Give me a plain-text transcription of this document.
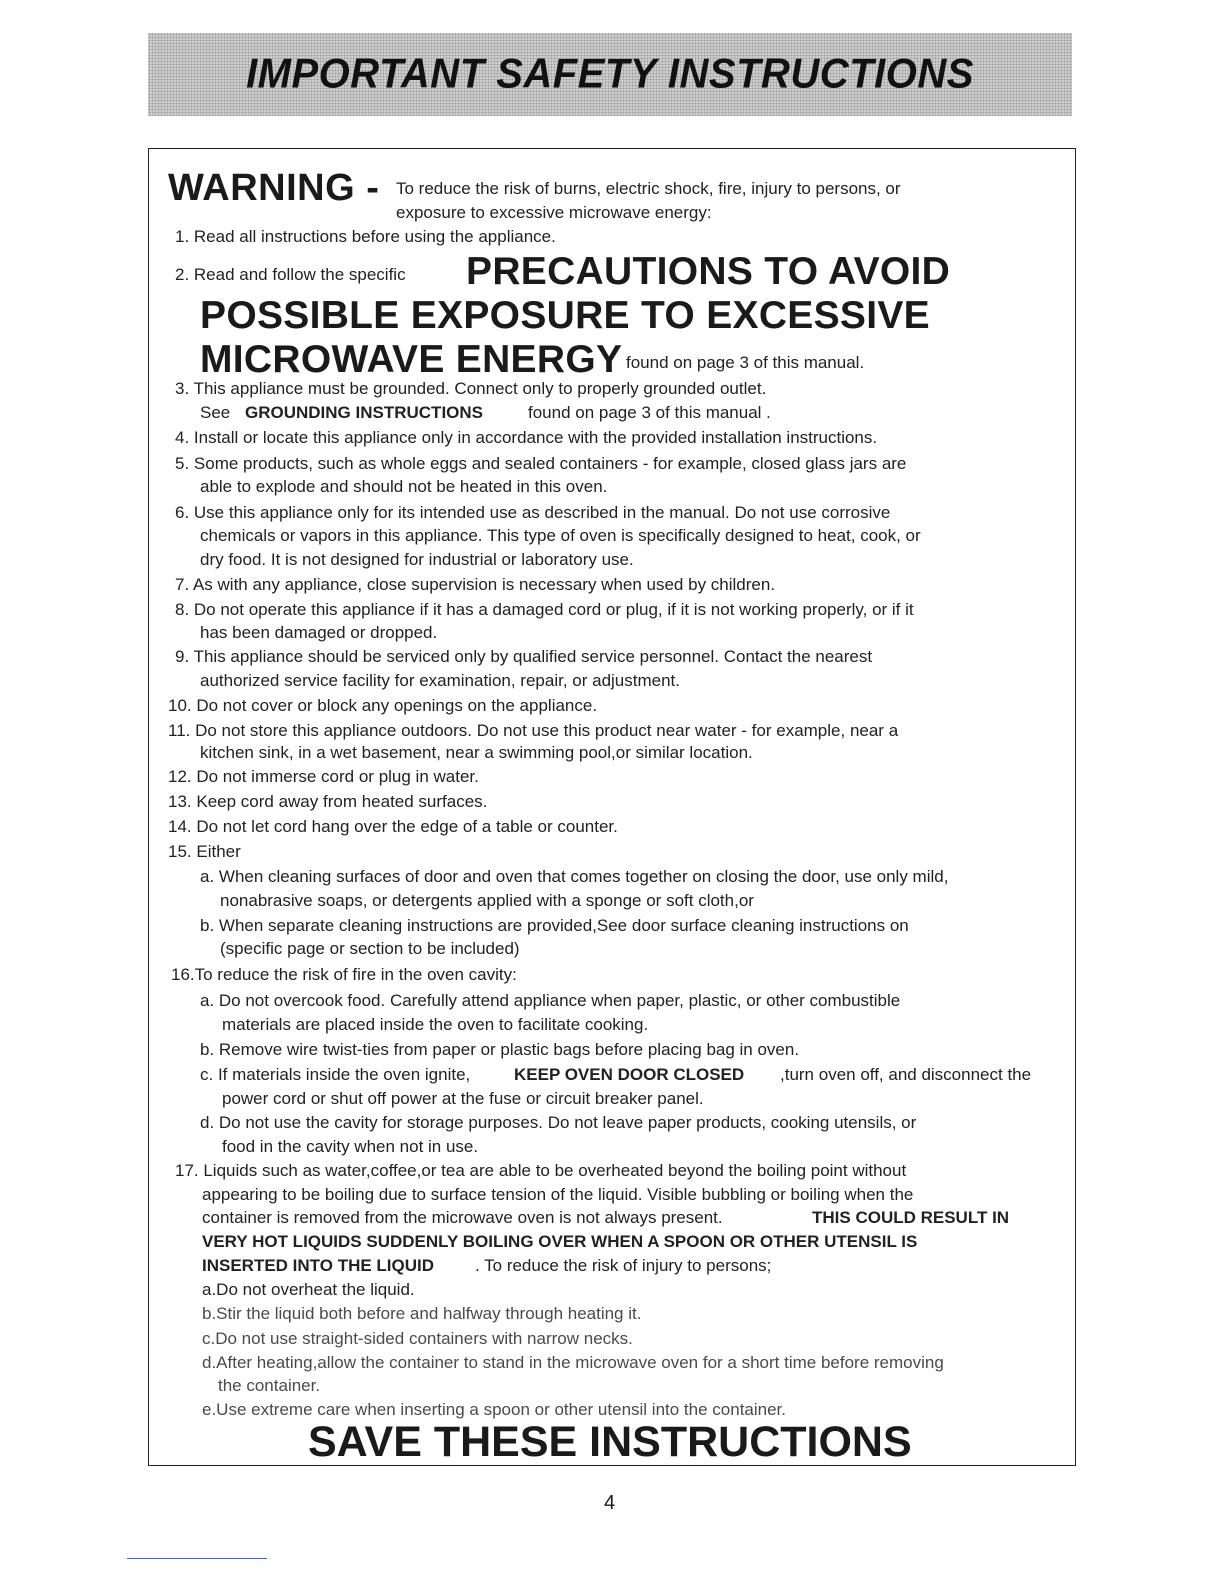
IMPORTANT SAFETY INSTRUCTIONS
WARNING - To reduce the risk of burns, electric shock, fire, injury to persons, or
exposure to excessive microwave energy:
1. Read all instructions before using the appliance.
2. Read and follow the specific PRECAUTIONS TO AVOID
POSSIBLE EXPOSURE TO EXCESSIVE
MICROWAVE ENERGY found on page 3 of this manual.
3. This appliance must be grounded. Connect only to properly grounded outlet.
See GROUNDING INSTRUCTIONS	found on page 3 of this manual .
4. Install or locate this appliance only in accordance with the provided installation instructions.
5. Some products, such as whole eggs and sealed containers - for example, closed glass jars are
able to explode and should not be heated in this oven.
6. Use this appliance only for its intended use as described in the manual. Do not use corrosive
chemicals or vapors in this appliance. This type of oven is specifically designed to heat, cook, or
dry food. It is not designed for industrial or laboratory use.
7. As with any appliance, close supervision is necessary when used by children.
8. Do not operate this appliance if it has a damaged cord or plug, if it is not working properly, or if it
has been damaged or dropped.
9. This appliance should be serviced only by qualified service personnel. Contact the nearest
authorized service facility for examination, repair, or adjustment.
10. Do not cover or block any openings on the appliance.
11. Do not store this appliance outdoors. Do not use this product near water - for example, near a
kitchen sink, in a wet basement, near a swimming pool,or similar location.
12. Do not immerse cord or plug in water.
13. Keep cord away from heated surfaces.
14. Do not let cord hang over the edge of a table or counter.
15. Either
a. When cleaning surfaces of door and oven that comes together on closing the door, use only mild,
nonabrasive soaps, or detergents applied with a sponge or soft cloth,or
b. When separate cleaning instructions are provided,See door surface cleaning instructions on
(specific page or section to be included)
16.To reduce the risk of fire in the oven cavity:
a. Do not overcook food. Carefully attend appliance when paper, plastic, or other combustible
materials are placed inside the oven to facilitate cooking.
b. Remove wire twist-ties from paper or plastic bags before placing bag in oven.
c. If materials inside the oven ignite,	KEEP OVEN DOOR CLOSED ,turn oven off, and disconnect the
power cord or shut off power at the fuse or circuit breaker panel.
d. Do not use the cavity for storage purposes. Do not leave paper products, cooking utensils, or
food in the cavity when not in use.
17. Liquids such as water,coffee,or tea are able to be overheated beyond the boiling point without
appearing to be boiling due to surface tension of the liquid. Visible bubbling or boiling when the
container is removed from the microwave oven is not always present.	THIS COULD RESULT IN
VERY HOT LIQUIDS SUDDENLY BOILING OVER WHEN A SPOON OR OTHER UTENSIL IS
INSERTED INTO THE LIQUID . To reduce the risk of injury to persons;
a.Do not overheat the liquid.
b.Stir the liquid both before and halfway through heating it.
c.Do not use straight-sided containers with narrow necks.
d.After heating,allow the container to stand in the microwave oven for a short time before removing
the container.
e.Use extreme care when inserting a spoon or other utensil into the container.
SAVE THESE INSTRUCTIONS
4
